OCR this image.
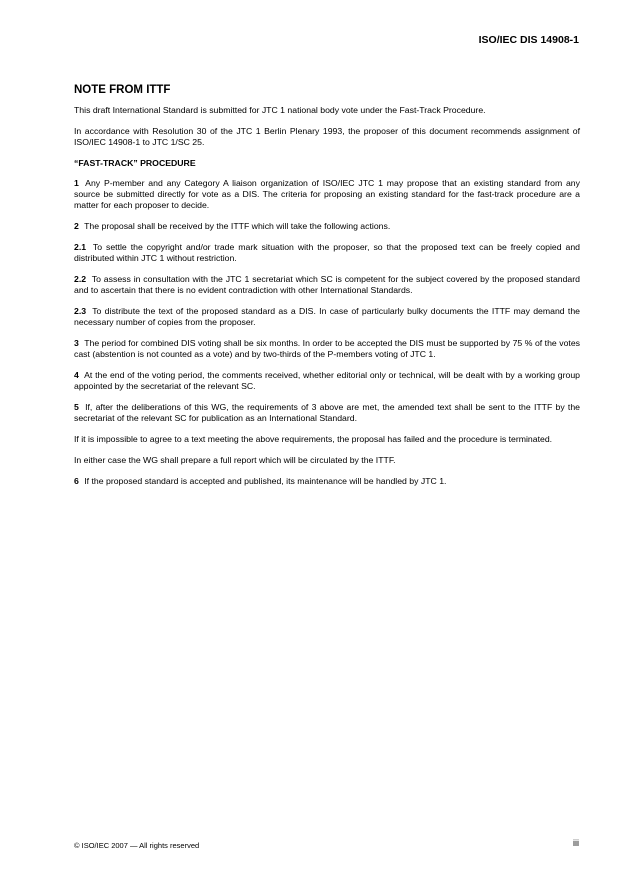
ISO/IEC DIS 14908-1
NOTE FROM ITTF

This draft International Standard is submitted for JTC 1 national body vote under the Fast-Track Procedure.

In accordance with Resolution 30 of the JTC 1 Berlin Plenary 1993, the proposer of this document recommends assignment of ISO/IEC 14908-1 to JTC 1/SC 25.

“FAST-TRACK” PROCEDURE

1 Any P-member and any Category A liaison organization of ISO/IEC JTC 1 may propose that an existing standard from any source be submitted directly for vote as a DIS. The criteria for proposing an existing standard for the fast-track procedure are a matter for each proposer to decide.

2 The proposal shall be received by the ITTF which will take the following actions.

2.1 To settle the copyright and/or trade mark situation with the proposer, so that the proposed text can be freely copied and distributed within JTC 1 without restriction.

2.2 To assess in consultation with the JTC 1 secretariat which SC is competent for the subject covered by the proposed standard and to ascertain that there is no evident contradiction with other International Standards.

2.3 To distribute the text of the proposed standard as a DIS. In case of particularly bulky documents the ITTF may demand the necessary number of copies from the proposer.

3 The period for combined DIS voting shall be six months. In order to be accepted the DIS must be supported by 75 % of the votes cast (abstention is not counted as a vote) and by two-thirds of the P-members voting of JTC 1.

4 At the end of the voting period, the comments received, whether editorial only or technical, will be dealt with by a working group appointed by the secretariat of the relevant SC.

5 If, after the deliberations of this WG, the requirements of 3 above are met, the amended text shall be sent to the ITTF by the secretariat of the relevant SC for publication as an International Standard.

If it is impossible to agree to a text meeting the above requirements, the proposal has failed and the procedure is terminated.

In either case the WG shall prepare a full report which will be circulated by the ITTF.

6 If the proposed standard is accepted and published, its maintenance will be handled by JTC 1.

© ISO/IEC 2007 — All rights reserved	iii
